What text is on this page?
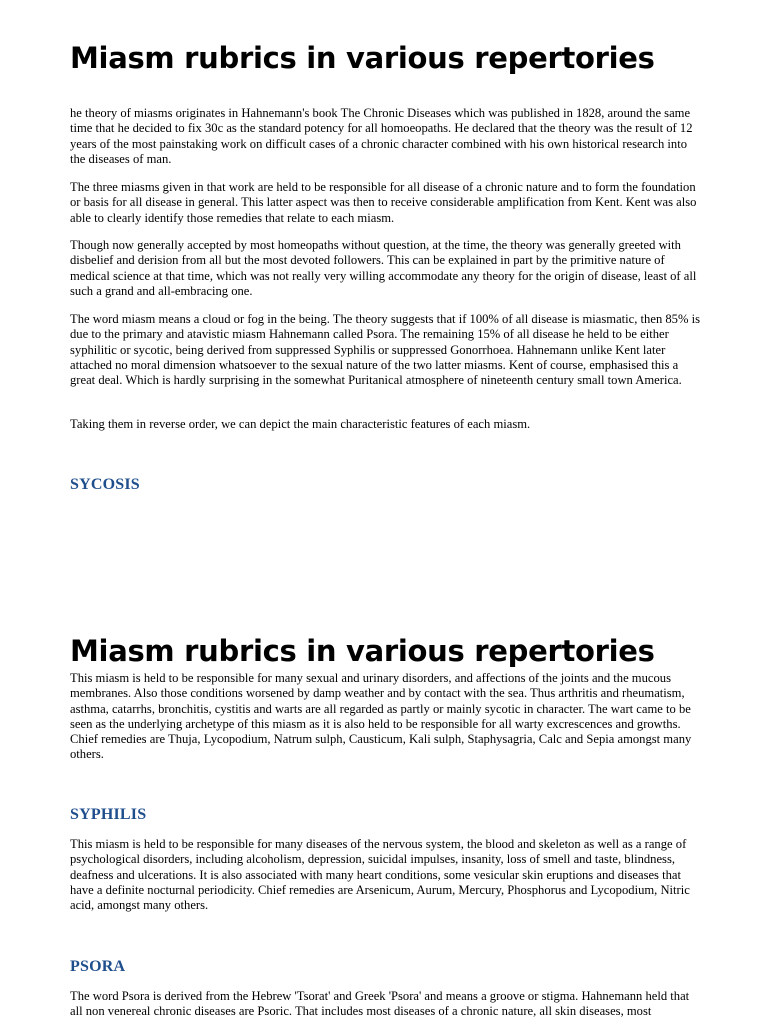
Miasm rubrics in various repertories

he theory of miasms originates in Hahnemann's book The Chronic Diseases which was published in 1828, around the same time that he decided to fix 30c as the standard potency for all homoeopaths. He declared that the theory was the result of 12 years of the most painstaking work on difficult cases of a chronic character combined with his own historical research into the diseases of man.

The three miasms given in that work are held to be responsible for all disease of a chronic nature and to form the foundation or basis for all disease in general. This latter aspect was then to receive considerable amplification from Kent. Kent was also able to clearly identify those remedies that relate to each miasm.

Though now generally accepted by most homeopaths without question, at the time, the theory was generally greeted with disbelief and derision from all but the most devoted followers. This can be explained in part by the primitive nature of medical science at that time, which was not really very willing accommodate any theory for the origin of disease, least of all such a grand and all-embracing one.

The word miasm means a cloud or fog in the being. The theory suggests that if 100% of all disease is miasmatic, then 85% is due to the primary and atavistic miasm Hahnemann called Psora. The remaining 15% of all disease he held to be either syphilitic or sycotic, being derived from suppressed Syphilis or suppressed Gonorrhoea. Hahnemann unlike Kent later attached no moral dimension whatsoever to the sexual nature of the two latter miasms. Kent of course, emphasised this a great deal. Which is hardly surprising in the somewhat Puritanical atmosphere of nineteenth century small town America.

Taking them in reverse order, we can depict the main characteristic features of each miasm.

SYCOSIS
Miasm rubrics in various repertories

This miasm is held to be responsible for many sexual and urinary disorders, and affections of the joints and the mucous membranes. Also those conditions worsened by damp weather and by contact with the sea. Thus arthritis and rheumatism, asthma, catarrhs, bronchitis, cystitis and warts are all regarded as partly or mainly sycotic in character. The wart came to be seen as the underlying archetype of this miasm as it is also held to be responsible for all warty excrescences and growths. Chief remedies are Thuja, Lycopodium, Natrum sulph, Causticum, Kali sulph, Staphysagria, Calc and Sepia amongst many others.

SYPHILIS

This miasm is held to be responsible for many diseases of the nervous system, the blood and skeleton as well as a range of psychological disorders, including alcoholism, depression, suicidal impulses, insanity, loss of smell and taste, blindness, deafness and ulcerations. It is also associated with many heart conditions, some vesicular skin eruptions and diseases that have a definite nocturnal periodicity. Chief remedies are Arsenicum, Aurum, Mercury, Phosphorus and Lycopodium, Nitric acid, amongst many others.

PSORA

The word Psora is derived from the Hebrew 'Tsorat' and Greek 'Psora' and means a groove or stigma. Hahnemann held that all non venereal chronic diseases are Psoric. That includes most diseases of a chronic nature, all skin diseases, most
